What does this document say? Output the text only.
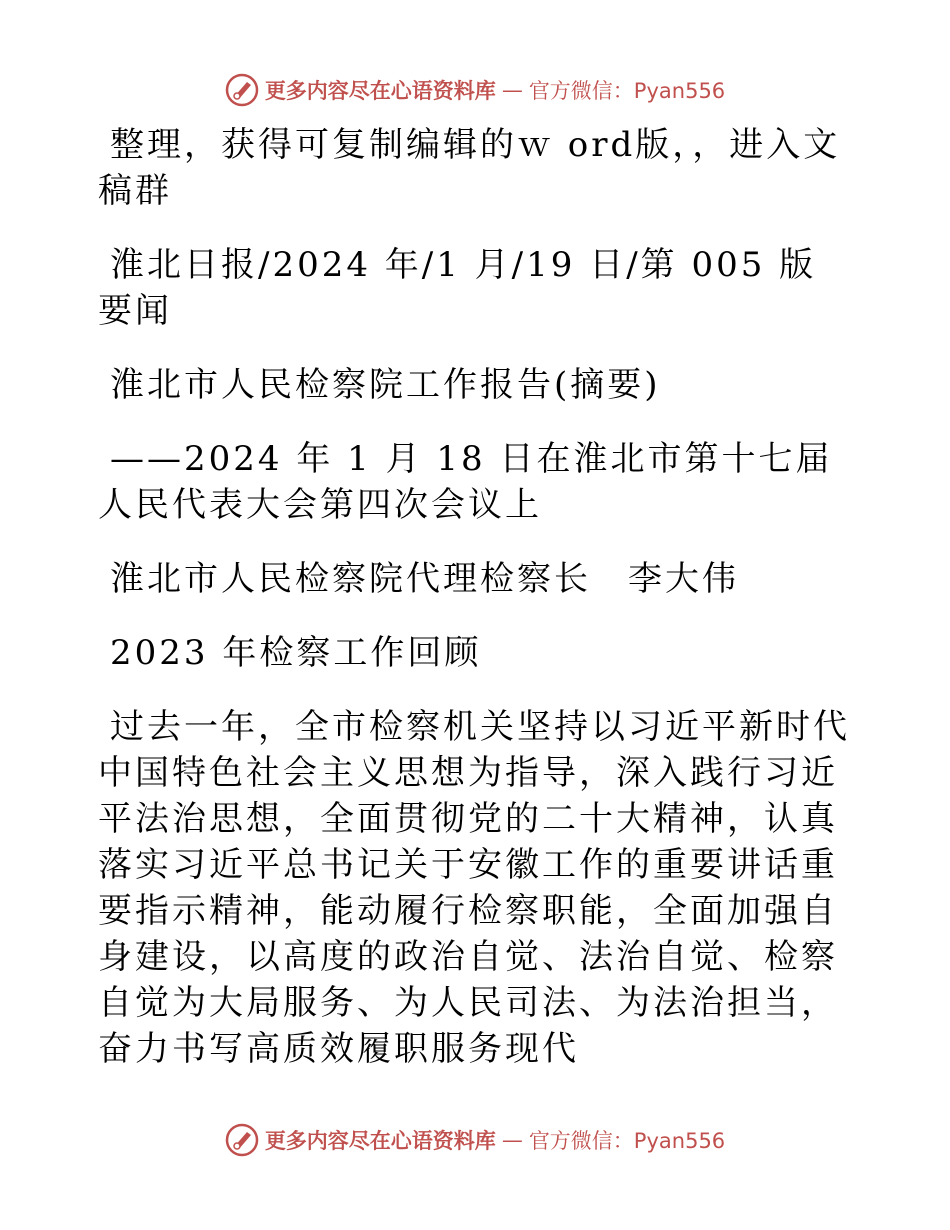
更多内容尽在心语资料库 — 官方微信：Pyan556

整理，获得可复制编辑的ｗ ord版，，进入文稿群

淮北日报/2024 年/1 月/19 日/第 005 版要闻

淮北市人民检察院工作报告(摘要)

——2024 年 1 月 18 日在淮北市第十七届人民代表大会第四次会议上

淮北市人民检察院代理检察长　李大伟

2023 年检察工作回顾

过去一年，全市检察机关坚持以习近平新时代中国特色社会主义思想为指导，深入践行习近平法治思想，全面贯彻党的二十大精神，认真落实习近平总书记关于安徽工作的重要讲话重要指示精神，能动履行检察职能，全面加强自身建设，以高度的政治自觉、法治自觉、检察自觉为大局服务、为人民司法、为法治担当，奋力书写高质效履职服务现代

更多内容尽在心语资料库 — 官方微信：Pyan556
